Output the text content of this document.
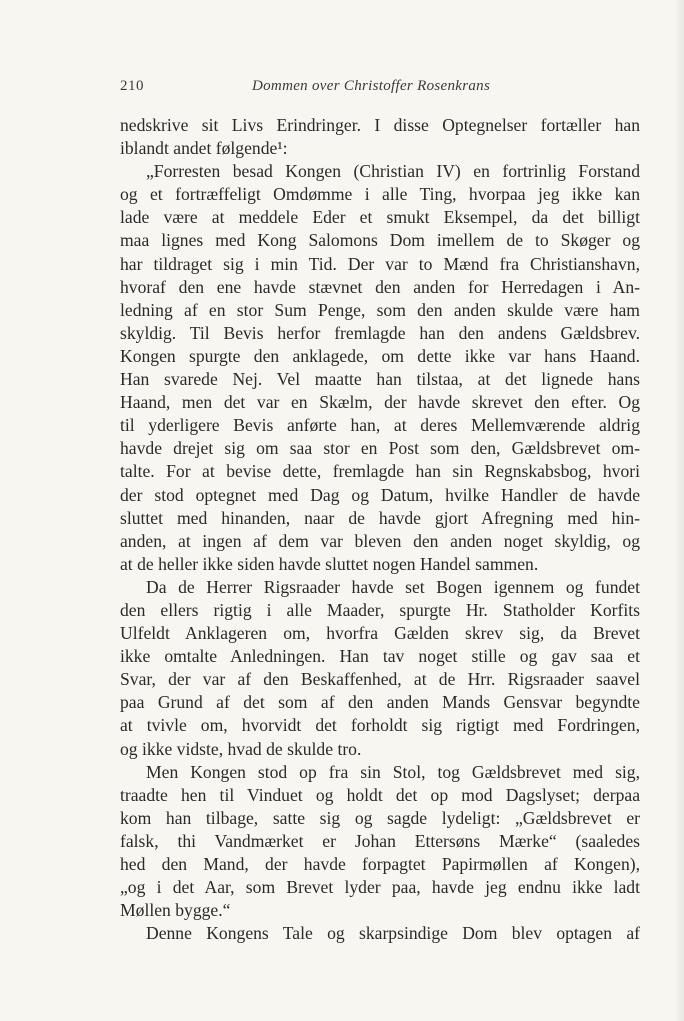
210	Dommen over Christoffer Rosenkrans
nedskrive sit Livs Erindringer. I disse Optegnelser fortæller han
iblandt andet følgende¹:
„Forresten besad Kongen (Christian IV) en fortrinlig Forstand
og et fortræffeligt Omdømme i alle Ting, hvorpaa jeg ikke kan
lade være at meddele Eder et smukt Eksempel, da det billigt
maa lignes med Kong Salomons Dom imellem de to Skøger og
har tildraget sig i min Tid. Der var to Mænd fra Christianshavn,
hvoraf den ene havde stævnet den anden for Herredagen i An-
ledning af en stor Sum Penge, som den anden skulde være ham
skyldig. Til Bevis herfor fremlagde han den andens Gældsbrev.
Kongen spurgte den anklagede, om dette ikke var hans Haand.
Han svarede Nej. Vel maatte han tilstaa, at det lignede hans
Haand, men det var en Skælm, der havde skrevet den efter. Og
til yderligere Bevis anførte han, at deres Mellemværende aldrig
havde drejet sig om saa stor en Post som den, Gældsbrevet om-
talte. For at bevise dette, fremlagde han sin Regnskabsbog, hvori
der stod optegnet med Dag og Datum, hvilke Handler de havde
sluttet med hinanden, naar de havde gjort Afregning med hin-
anden, at ingen af dem var bleven den anden noget skyldig, og
at de heller ikke siden havde sluttet nogen Handel sammen.
Da de Herrer Rigsraader havde set Bogen igennem og fundet
den ellers rigtig i alle Maader, spurgte Hr. Statholder Korfits
Ulfeldt Anklageren om, hvorfra Gælden skrev sig, da Brevet
ikke omtalte Anledningen. Han tav noget stille og gav saa et
Svar, der var af den Beskaffenhed, at de Hrr. Rigsraader saavel
paa Grund af det som af den anden Mands Gensvar begyndte
at tvivle om, hvorvidt det forholdt sig rigtigt med Fordringen,
og ikke vidste, hvad de skulde tro.
Men Kongen stod op fra sin Stol, tog Gældsbrevet med sig,
traadte hen til Vinduet og holdt det op mod Dagslyset; derpaa
kom han tilbage, satte sig og sagde lydeligt: „Gældsbrevet er
falsk, thi Vandmærket er Johan Ettersøns Mærke“ (saaledes
hed den Mand, der havde forpagtet Papirmøllen af Kongen),
„og i det Aar, som Brevet lyder paa, havde jeg endnu ikke ladt
Møllen bygge.“
Denne Kongens Tale og skarpsindige Dom blev optagen af
